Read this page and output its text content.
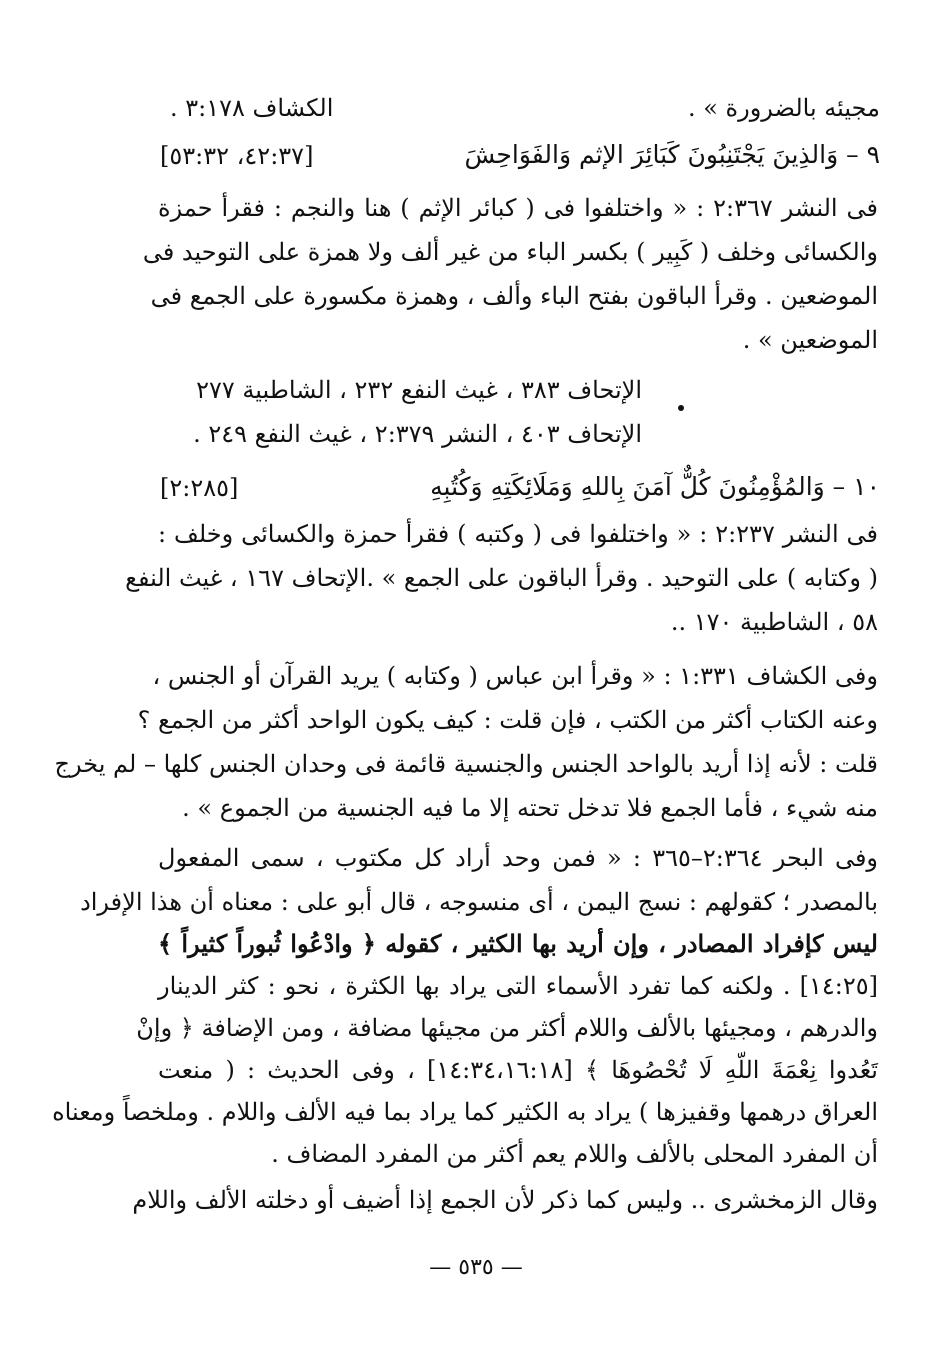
مجيئه بالضرورة » .
الكشاف ٣:١٧٨ .
٩ – وَالذِينَ يَجْتَنِبُونَ كَبَائِرَ الإثم وَالفَوَاحِشَ
[٤٢:٣٧، ٥٣:٣٢]
فى النشر ٢:٣٦٧ : « واختلفوا فى ( كبائر الإثم ) هنا والنجم : فقرأ حمزة
والكسائى وخلف ( كَبِير ) بكسر الباء من غير ألف ولا همزة على التوحيد فى
الموضعين . وقرأ الباقون بفتح الباء وألف ، وهمزة مكسورة على الجمع فى
الموضعين » .
الإتحاف ٣٨٣ ، غيث النفع ٢٣٢ ، الشاطبية ٢٧٧
الإتحاف ٤٠٣ ، النشر ٢:٣٧٩ ، غيث النفع ٢٤٩ .
١٠ – وَالمُؤْمِنُونَ كُلٌّ آمَنَ بِاللهِ وَمَلَائِكَتِهِ وَكُتُبِهِ
[٢:٢٨٥]
فى النشر ٢:٢٣٧ : « واختلفوا فى ( وكتبه ) فقرأ حمزة والكسائى وخلف :
( وكتابه ) على التوحيد . وقرأ الباقون على الجمع » .الإتحاف ١٦٧ ، غيث النفع
٥٨ ، الشاطبية ١٧٠ ..
وفى الكشاف ١:٣٣١ : « وقرأ ابن عباس ( وكتابه ) يريد القرآن أو الجنس ،
وعنه الكتاب أكثر من الكتب ، فإن قلت : كيف يكون الواحد أكثر من الجمع ؟
قلت : لأنه إذا أريد بالواحد الجنس والجنسية قائمة فى وحدان الجنس كلها – لم يخرج
منه شيء ، فأما الجمع فلا تدخل تحته إلا ما فيه الجنسية من الجموع » .
وفى البحر ٢:٣٦٤–٣٦٥ : « فمن وحد أراد كل مكتوب ، سمى المفعول
بالمصدر ؛ كقولهم : نسج اليمن ، أى منسوجه ، قال أبو على : معناه أن هذا الإفراد
ليس كإفراد المصادر ، وإن أريد بها الكثير ، كقوله ﴿ وادْعُوا ثُبوراً كثيراً ﴾
[١٤:٢٥] . ولكنه كما تفرد الأسماء التى يراد بها الكثرة ، نحو : كثر الدينار
والدرهم ، ومجيئها بالألف واللام أكثر من مجيئها مضافة ، ومن الإضافة ﴿ وإنْ
تَعُدوا نِعْمَةَ اللّهِ لَا تُحْصُوهَا ﴾ [١٤:٣٤،١٦:١٨] ، وفى الحديث : ( منعت
العراق درهمها وقفيزها ) يراد به الكثير كما يراد بما فيه الألف واللام . وملخصاً ومعناه
أن المفرد المحلى بالألف واللام يعم أكثر من المفرد المضاف .
وقال الزمخشرى .. وليس كما ذكر لأن الجمع إذا أضيف أو دخلته الألف واللام
— ٥٣٥ —
